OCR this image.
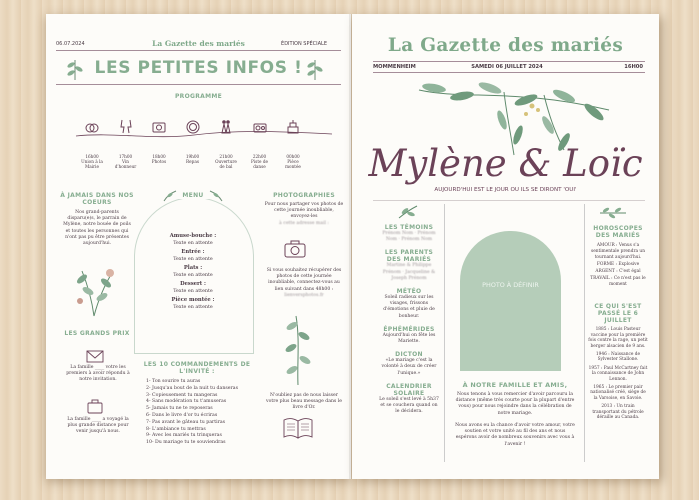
06.07.2024	La Gazette des mariés	ÉDITION SPÉCIALE
LES PETITES INFOS !
PROGRAMME
16h00
Union à la Mairie
17h00
Vin d'honneur
18h00
Photos
19h00
Repas
21h00
Ouverture de bal
22h00
Piste de danse
00h00
Pièce montée
À JAMAIS DANS NOS COEURS
Nos grand-parents disparu(e)s, le parrain de Mylène, notre bouée de poils et toutes les personnes qui n'ont pas pu être présentes aujourd'hui.
LES GRANDS PRIX
La famille ____ votre les premiers à avoir répondu à notre invitation.
La famille ____ a voyagé la plus grande distance pour venir jusqu'à nous.
MENU
Amuse-bouche :
Texte en attente
Entrée :
Texte en attente
Plats :
Texte en attente
Dessert :
Texte en attente
Pièce montée :
Texte en attente
PHOTOGRAPHIES
Pour nous partager vos photos de cette journée inoubliable, envoyez-les
à cette adresse mail :
Si vous souhaitez récupérer des photos de cette journée inoubliable, connectez-vous au lien suivant dans 48h00 :
lienversphotos.fr
N'oubliez pas de nous laisser votre plus beau message dans le livre d'Or.
LES 10 COMMANDEMENTS DE L'INVITÉ :
1- Ton sourire tu auras
2- Jusqu'au bout de la nuit tu danseras
3- Copieusement tu mangeras
4- Sans modération tu t'amuseras
5- Jamais tu ne te reposeras
6- Dans le livre d'or tu écriras
7- Pas avant le gâteau tu partiras
8- L'ambiance tu mettras
9- Avec les mariés tu trinqueras
10- Du mariage tu te souviendras
La Gazette des mariés
MOMMENHEIM	SAMEDI 06 JUILLET 2024	16H00
Mylène & Loïc
AUJOURD'HUI EST LE JOUR OU ILS SE DIRONT 'OUI'
LES TÉMOINS
Prénom Nom · Prénom Nom · Prénom Nom
LES PARENTS DES MARIÉS
Martine & Philippe Prénom · Jacqueline & Joseph Prénom
MÉTÉO
Soleil radieux sur les visages, frissons d'émotions et pluie de bonheur.
ÉPHÉMÉRIDES
Aujourd'hui on fête les Mariette.
DICTON
«Le mariage c'est la volonté à deux de créer l'unique.»
CALENDRIER SOLAIRE
Le soleil s'est levé à 5h37 et se couchera quand on le décidera.
PHOTO À DÉFINIR
À NOTRE FAMILLE ET AMIS,
Nous tenons à vous remercier d'avoir parcouru la distance (même très courte pour la plupart d'entre vous) pour nous rejoindre dans la célébration de notre mariage.
Nous avons eu la chance d'avoir votre amour, votre soutien et votre unité au fil des ans et nous espérons avoir de nombreux souvenirs avec vous à l'avenir !
HOROSCOPES DES MARIÉS
AMOUR : Venus s'a sentimentale prendra un tournant aujourd'hui.
FORME : Explosive
ARGENT : C'est égal
TRAVAIL : Ce n'est pas le moment
CE QUI S'EST PASSÉ LE 6 JUILLET
1885 : Louis Pasteur vaccine pour la première fois contre la rage, un petit berger alsacien de 9 ans.
1946 : Naissance de Sylvester Stallone.
1957 : Paul McCartney fait la connaissance de John Lennon.
1965 : Le premier pair nationalisé créé, siège de la Varsoise, en Savoie.
2013 : Un train transportant du pétrole déraille au Canada.
